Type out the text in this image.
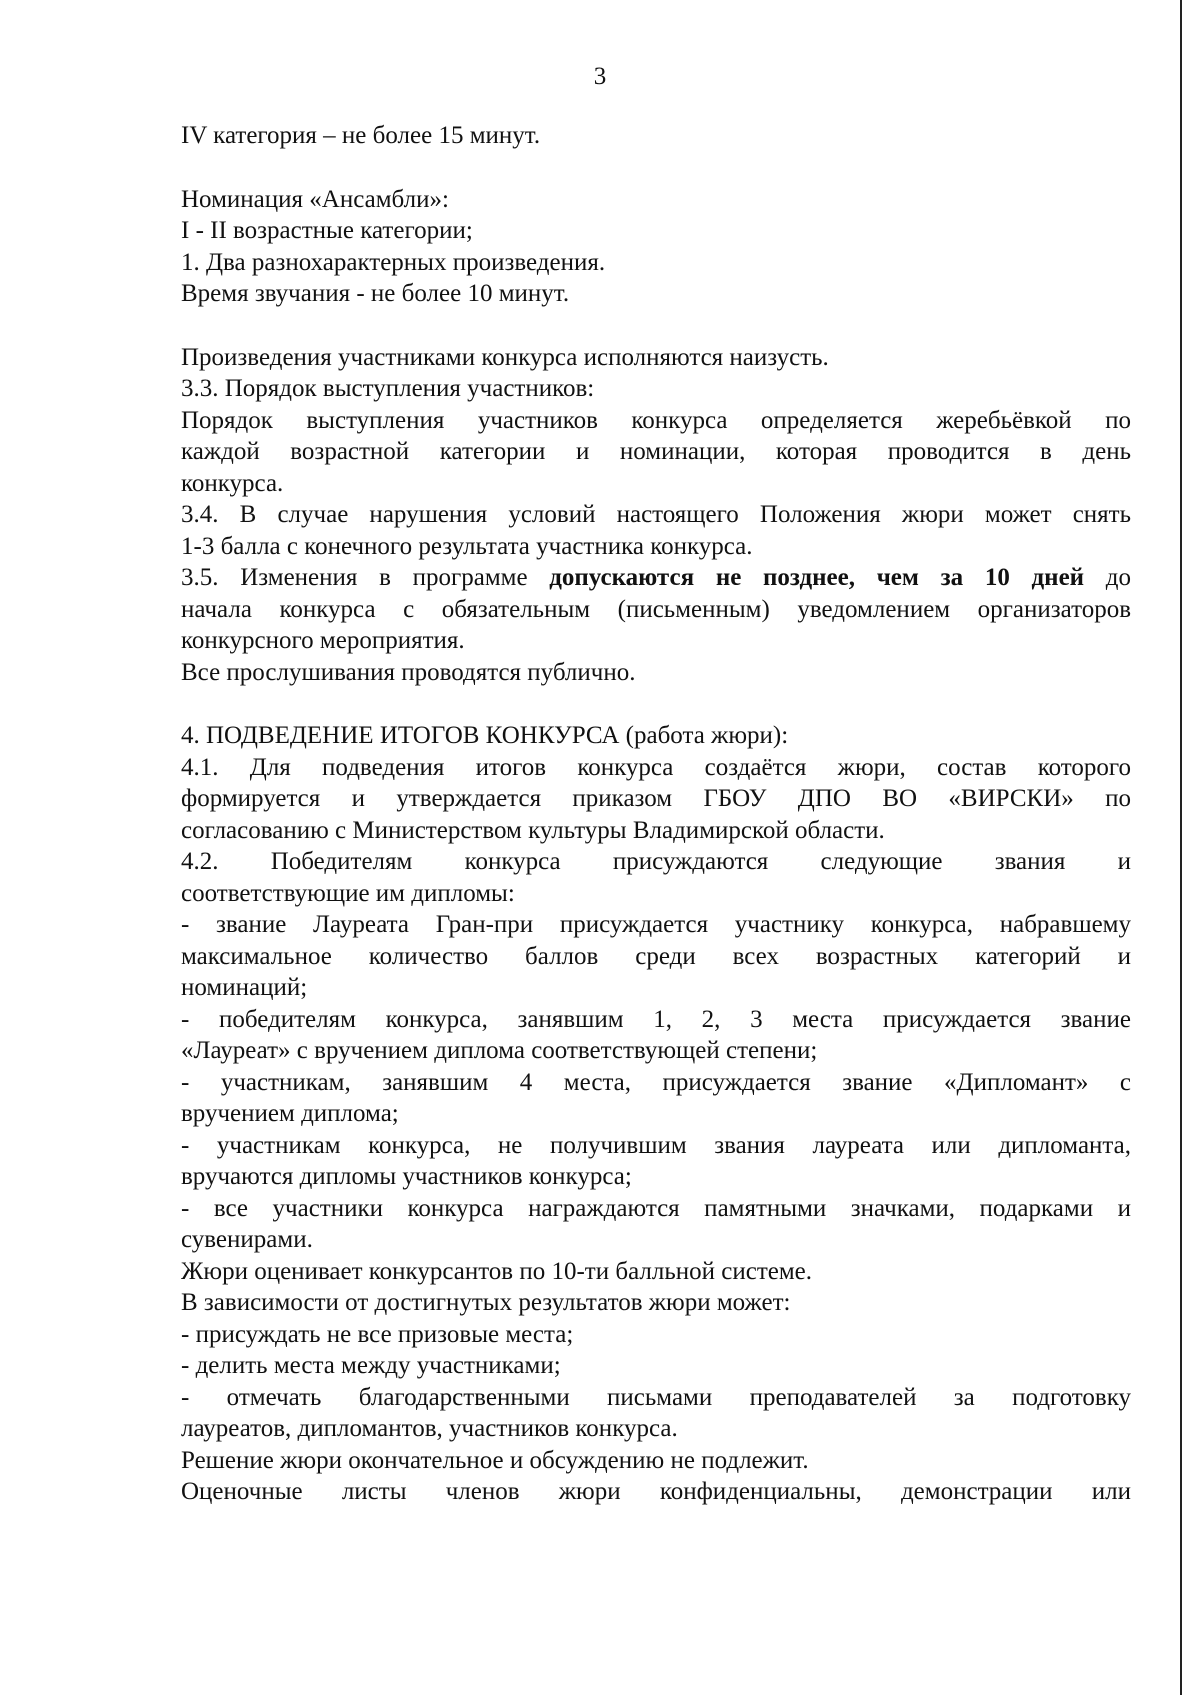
3
IV категория – не более 15 минут.
Номинация «Ансамбли»:
I - II возрастные категории;
1. Два разнохарактерных произведения.
Время звучания - не более 10 минут.
Произведения участниками конкурса исполняются наизусть.
3.3. Порядок выступления участников:
Порядок выступления участников конкурса определяется жеребьёвкой по
каждой возрастной категории и номинации, которая проводится в день
конкурса.
3.4. В случае нарушения условий настоящего Положения жюри может снять
1-3 балла с конечного результата участника конкурса.
3.5. Изменения в программе допускаются не позднее, чем за 10 дней до
начала конкурса с обязательным (письменным) уведомлением организаторов
конкурсного мероприятия.
Все прослушивания проводятся публично.
4. ПОДВЕДЕНИЕ ИТОГОВ КОНКУРСА (работа жюри):
4.1. Для подведения итогов конкурса создаётся жюри, состав которого
формируется и утверждается приказом ГБОУ ДПО ВО «ВИРСКИ» по
согласованию с Министерством культуры Владимирской области.
4.2. Победителям конкурса присуждаются следующие звания и
соответствующие им дипломы:
- звание Лауреата Гран-при присуждается участнику конкурса, набравшему
максимальное количество баллов среди всех возрастных категорий и
номинаций;
- победителям конкурса, занявшим 1, 2, 3 места присуждается звание
«Лауреат» с вручением диплома соответствующей степени;
- участникам, занявшим 4 места, присуждается звание «Дипломант» с
вручением диплома;
- участникам конкурса, не получившим звания лауреата или дипломанта,
вручаются дипломы участников конкурса;
- все участники конкурса награждаются памятными значками, подарками и
сувенирами.
Жюри оценивает конкурсантов по 10-ти балльной системе.
В зависимости от достигнутых результатов жюри может:
- присуждать не все призовые места;
- делить места между участниками;
- отмечать благодарственными письмами преподавателей за подготовку
лауреатов, дипломантов, участников конкурса.
Решение жюри окончательное и обсуждению не подлежит.
Оценочные листы членов жюри конфиденциальны, демонстрации или
